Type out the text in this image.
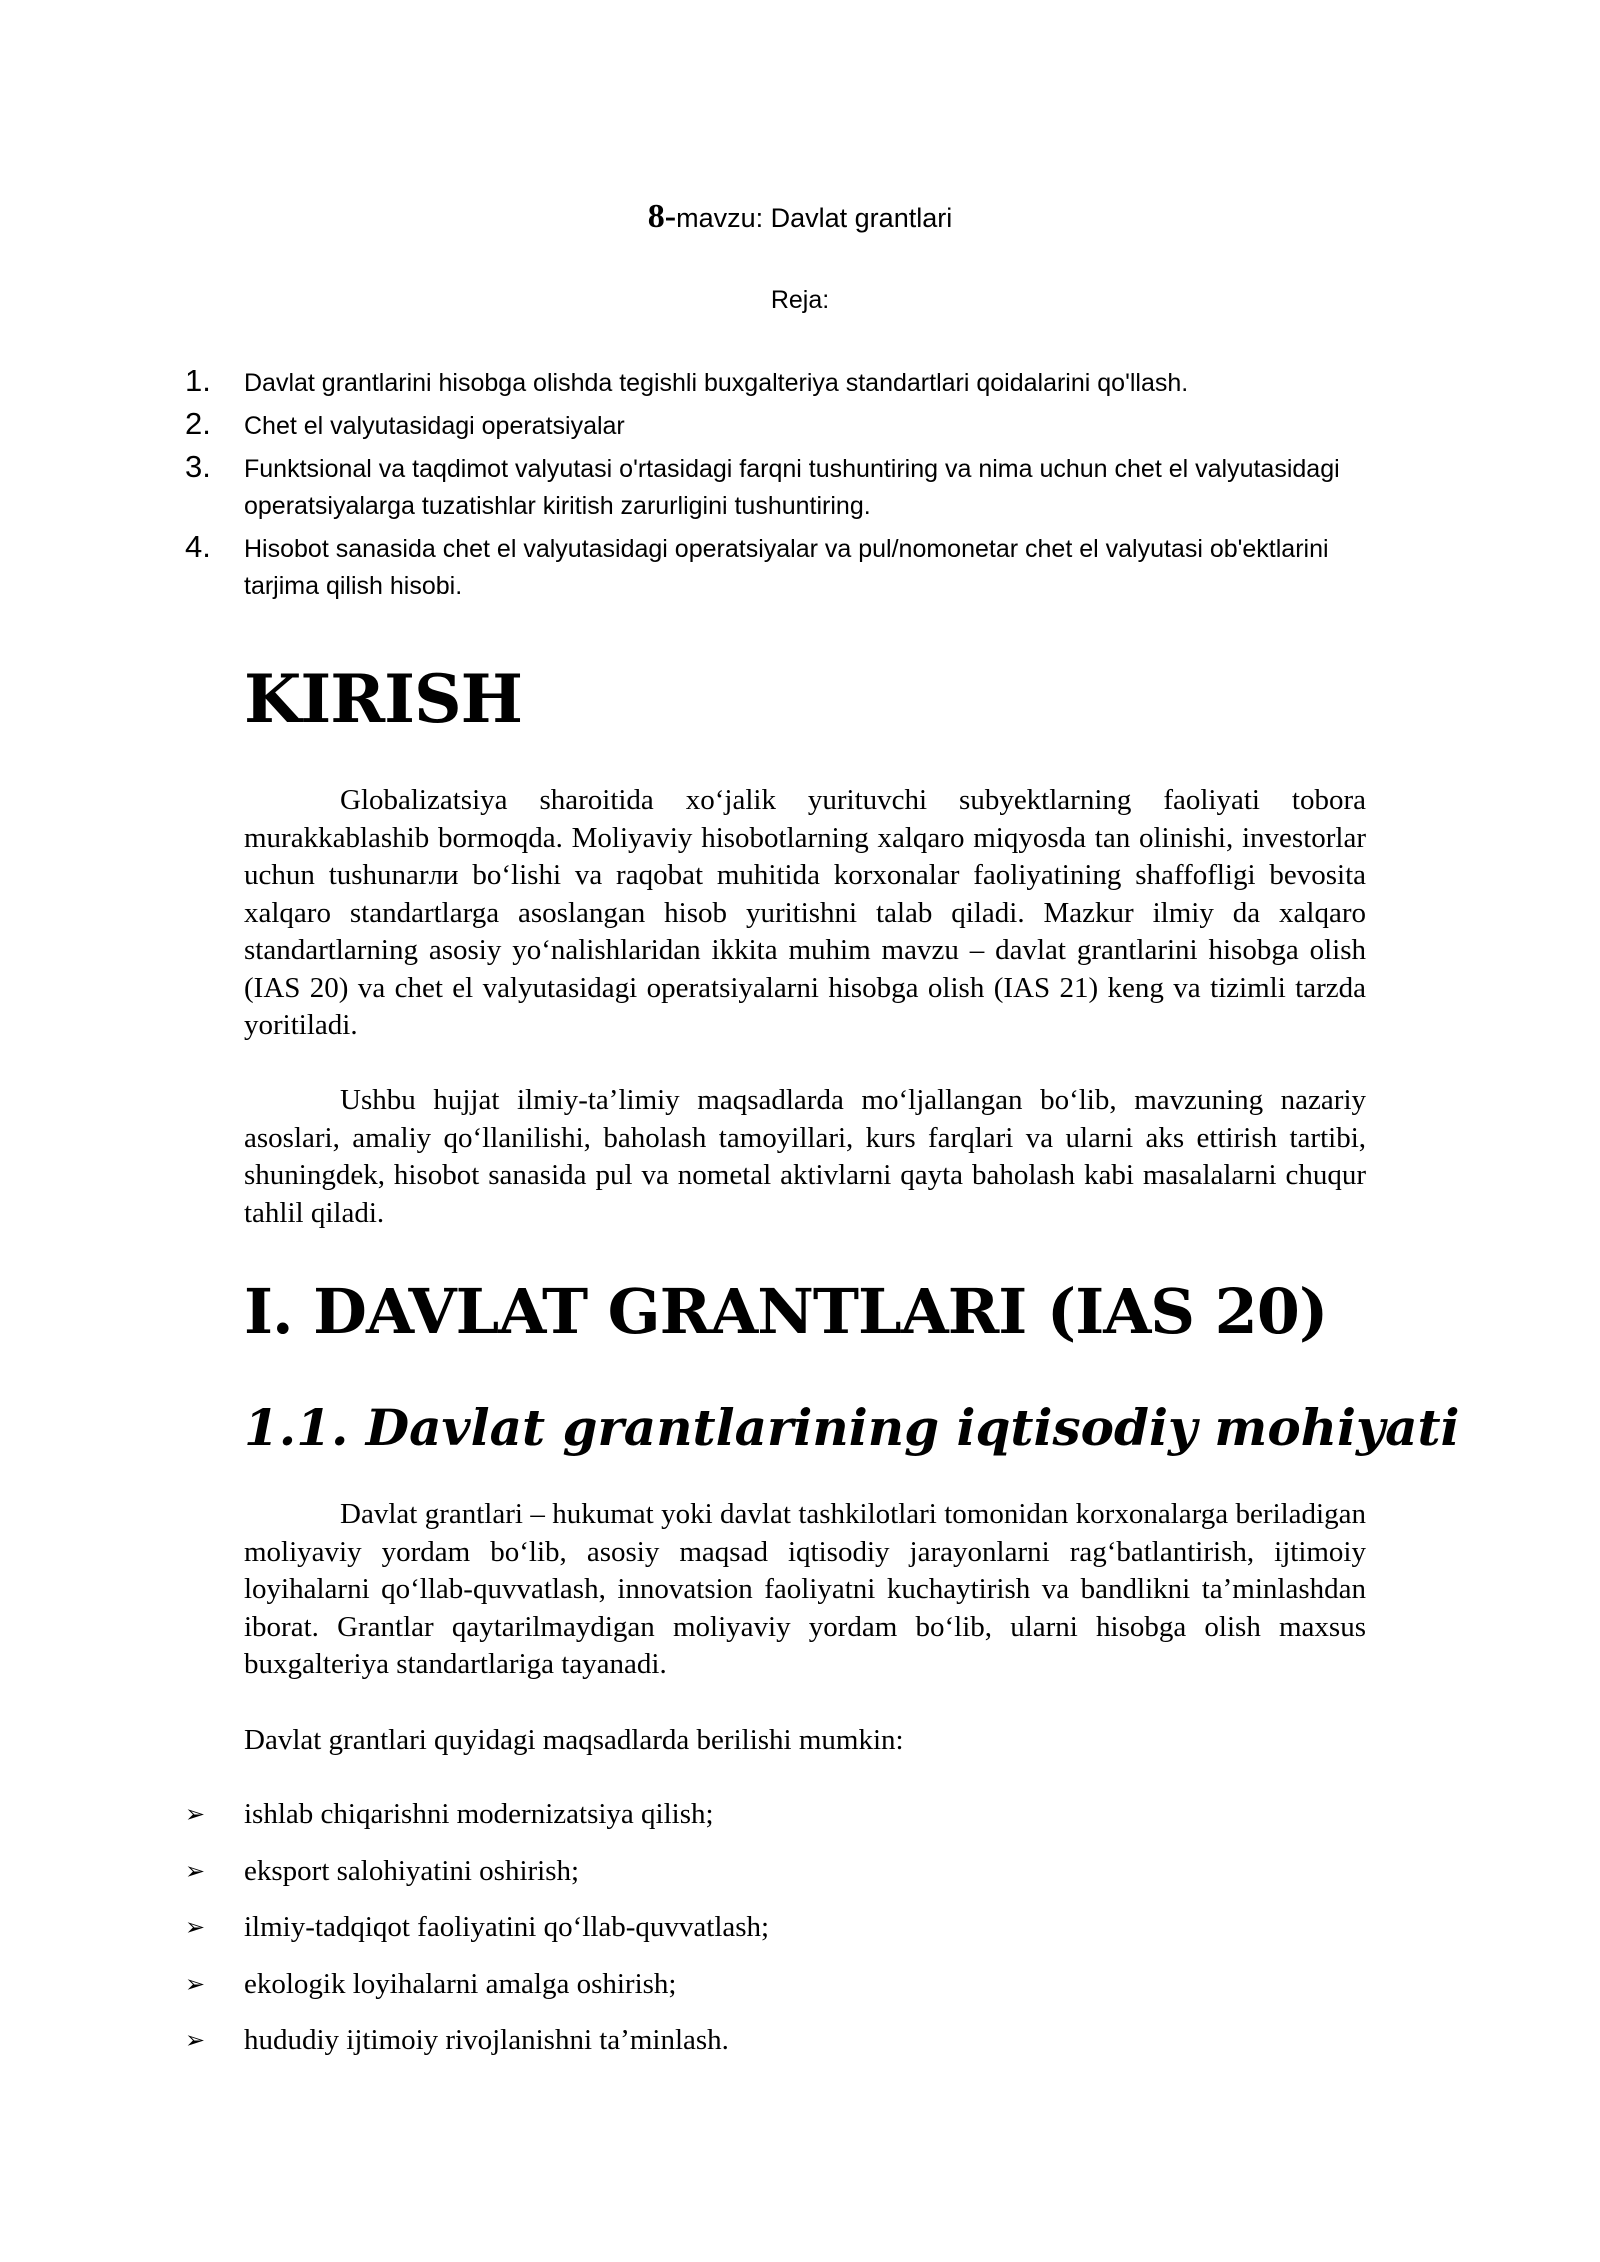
8-mavzu: Davlat grantlari
Reja:
1. Davlat grantlarini hisobga olishda tegishli buxgalteriya standartlari qoidalarini qo'llash.
2. Chet el valyutasidagi operatsiyalar
3. Funktsional va taqdimot valyutasi o'rtasidagi farqni tushuntiring va nima uchun chet el valyutasidagi operatsiyalarga tuzatishlar kiritish zarurligini tushuntiring.
4. Hisobot sanasida chet el valyutasidagi operatsiyalar va pul/nomonetar chet el valyutasi ob'ektlarini tarjima qilish hisobi.
KIRISH

Globalizatsiya sharoitida xo‘jalik yurituvchi subyektlarning faoliyati tobora murakkablashib bormoqda. Moliyaviy hisobotlarning xalqaro miqyosda tan olinishi, investorlar uchun tushunarли bo‘lishi va raqobat muhitida korxonalar faoliyatining shaffofligi bevosita xalqaro standartlarga asoslangan hisob yuritishni talab qiladi. Mazkur ilmiy da xalqaro standartlarning asosiy yo‘nalishlaridan ikkita muhim mavzu – davlat grantlarini hisobga olish (IAS 20) va chet el valyutasidagi operatsiyalarni hisobga olish (IAS 21) keng va tizimli tarzda yoritiladi.

Ushbu hujjat ilmiy-ta’limiy maqsadlarda mo‘ljallangan bo‘lib, mavzuning nazariy asoslari, amaliy qo‘llanilishi, baholash tamoyillari, kurs farqlari va ularni aks ettirish tartibi, shuningdek, hisobot sanasida pul va nometal aktivlarni qayta baholash kabi masalalarni chuqur tahlil qiladi.

I. DAVLAT GRANTLARI (IAS 20)
1.1. Davlat grantlarining iqtisodiy mohiyati

Davlat grantlari – hukumat yoki davlat tashkilotlari tomonidan korxonalarga beriladigan moliyaviy yordam bo‘lib, asosiy maqsad iqtisodiy jarayonlarni rag‘batlantirish, ijtimoiy loyihalarni qo‘llab-quvvatlash, innovatsion faoliyatni kuchaytirish va bandlikni ta’minlashdan iborat. Grantlar qaytarilmaydigan moliyaviy yordam bo‘lib, ularni hisobga olish maxsus buxgalteriya standartlariga tayanadi.

Davlat grantlari quyidagi maqsadlarda berilishi mumkin:

➢ ishlab chiqarishni modernizatsiya qilish;
➢ eksport salohiyatini oshirish;
➢ ilmiy-tadqiqot faoliyatini qo‘llab-quvvatlash;
➢ ekologik loyihalarni amalga oshirish;
➢ hududiy ijtimoiy rivojlanishni ta’minlash.
